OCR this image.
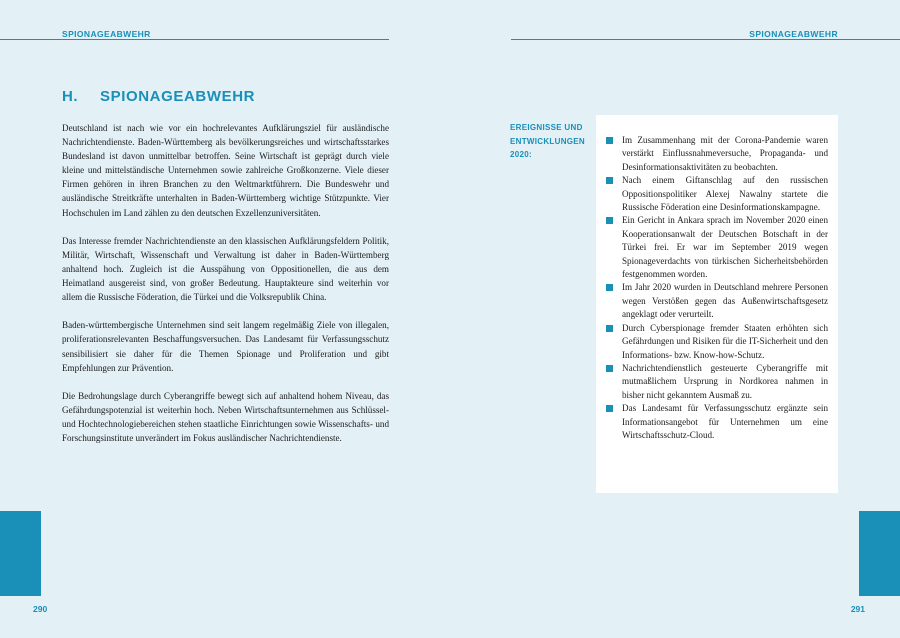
SPIONAGEABWEHR
H.	SPIONAGEABWEHR

Deutschland ist nach wie vor ein hochrelevantes Aufklärungsziel für ausländische Nachrichtendienste. Baden-Württemberg als bevölkerungsreiches und wirtschaftsstarkes Bundesland ist davon unmittelbar betroffen. Seine Wirtschaft ist geprägt durch viele kleine und mittelständische Unternehmen sowie zahlreiche Großkonzerne. Viele dieser Firmen gehören in ihren Branchen zu den Weltmarktführern. Die Bundeswehr und ausländische Streitkräfte unterhalten in Baden-Württemberg wichtige Stützpunkte. Vier Hochschulen im Land zählen zu den deutschen Exzellenzuniversitäten.

Das Interesse fremder Nachrichtendienste an den klassischen Aufklärungsfeldern Politik, Militär, Wirtschaft, Wissenschaft und Verwaltung ist daher in Baden-Württemberg anhaltend hoch. Zugleich ist die Ausspähung von Oppositionellen, die aus dem Heimatland ausgereist sind, von großer Bedeutung. Hauptakteure sind weiterhin vor allem die Russische Föderation, die Türkei und die Volksrepublik China.

Baden-württembergische Unternehmen sind seit langem regelmäßig Ziele von illegalen, proliferationsrelevanten Beschaffungsversuchen. Das Landesamt für Verfassungsschutz sensibilisiert sie daher für die Themen Spionage und Proliferation und gibt Empfehlungen zur Prävention.

Die Bedrohungslage durch Cyberangriffe bewegt sich auf anhaltend hohem Niveau, das Gefährdungspotenzial ist weiterhin hoch. Neben Wirtschaftsunternehmen aus Schlüssel- und Hochtechnologiebereichen stehen staatliche Einrichtungen sowie Wissenschafts- und Forschungsinstitute unverändert im Fokus ausländischer Nachrichtendienste.

290
SPIONAGEABWEHR
EREIGNISSE UND
ENTWICKLUNGEN
2020:
Im Zusammenhang mit der Corona-Pandemie waren verstärkt Einflussnahmeversuche, Propaganda- und Desinformationsaktivitäten zu beobachten.
Nach einem Giftanschlag auf den russischen Oppositionspolitiker Alexej Nawalny startete die Russische Föderation eine Desinformationskampagne.
Ein Gericht in Ankara sprach im November 2020 einen Kooperationsanwalt der Deutschen Botschaft in der Türkei frei. Er war im September 2019 wegen Spionageverdachts von türkischen Sicherheitsbehörden festgenommen worden.
Im Jahr 2020 wurden in Deutschland mehrere Personen wegen Verstößen gegen das Außenwirtschaftsgesetz angeklagt oder verurteilt.
Durch Cyberspionage fremder Staaten erhöhten sich Gefährdungen und Risiken für die IT-Sicherheit und den Informations- bzw. Know-how-Schutz.
Nachrichtendienstlich gesteuerte Cyberangriffe mit mutmaßlichem Ursprung in Nordkorea nahmen in bisher nicht gekanntem Ausmaß zu.
Das Landesamt für Verfassungsschutz ergänzte sein Informationsangebot für Unternehmen um eine Wirtschaftsschutz-Cloud.
291
